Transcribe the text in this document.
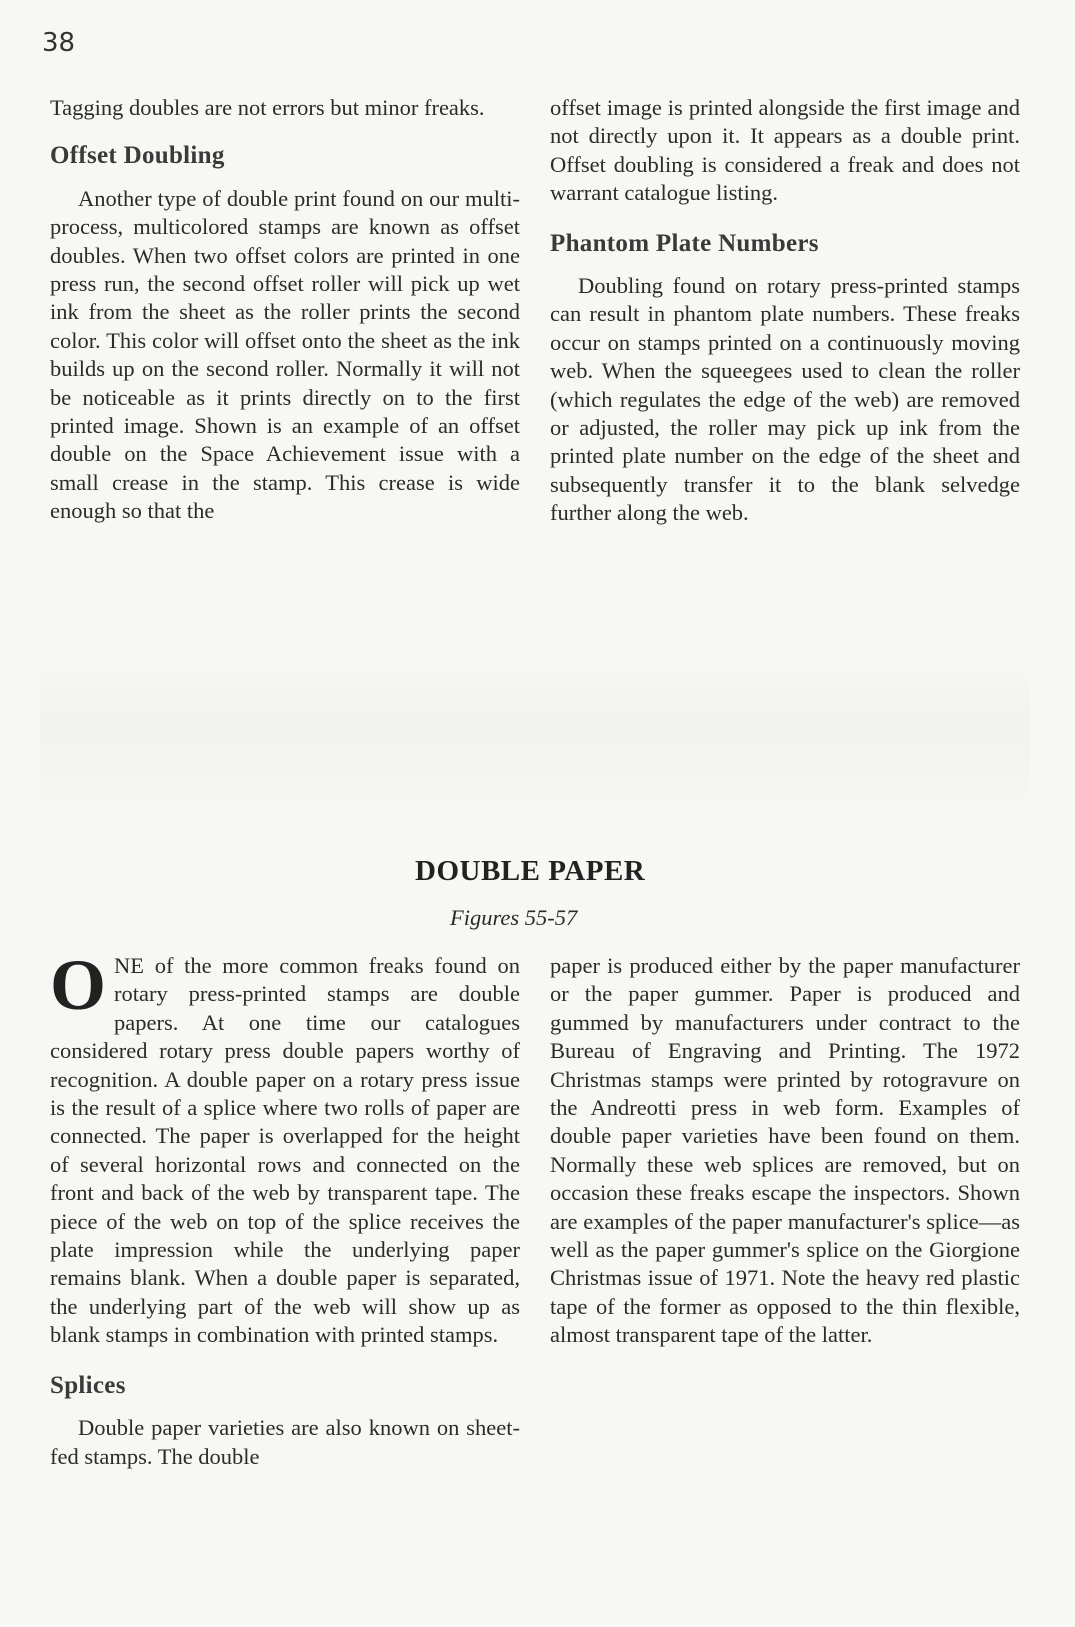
38

Tagging doubles are not errors but minor freaks.

Offset Doubling

Another type of double print found on our multi-process, multicolored stamps are known as offset doubles. When two offset colors are printed in one press run, the second offset roller will pick up wet ink from the sheet as the roller prints the second color. This color will offset onto the sheet as the ink builds up on the second roller. Normally it will not be noticeable as it prints directly on to the first printed image. Shown is an example of an offset double on the Space Achievement issue with a small crease in the stamp. This crease is wide enough so that the

offset image is printed alongside the first image and not directly upon it. It appears as a double print. Offset doubling is considered a freak and does not warrant catalogue listing.

Phantom Plate Numbers

Doubling found on rotary press-printed stamps can result in phantom plate numbers. These freaks occur on stamps printed on a continuously moving web. When the squeegees used to clean the roller (which regulates the edge of the web) are removed or adjusted, the roller may pick up ink from the printed plate number on the edge of the sheet and subsequently transfer it to the blank selvedge further along the web.

DOUBLE PAPER
Figures 55-57

ONE of the more common freaks found on rotary press-printed stamps are double papers. At one time our catalogues considered rotary press double papers worthy of recognition. A double paper on a rotary press issue is the result of a splice where two rolls of paper are connected. The paper is overlapped for the height of several horizontal rows and connected on the front and back of the web by transparent tape. The piece of the web on top of the splice receives the plate impression while the underlying paper remains blank. When a double paper is separated, the underlying part of the web will show up as blank stamps in combination with printed stamps.

Splices

Double paper varieties are also known on sheet-fed stamps. The double

paper is produced either by the paper manufacturer or the paper gummer. Paper is produced and gummed by manufacturers under contract to the Bureau of Engraving and Printing. The 1972 Christmas stamps were printed by rotogravure on the Andreotti press in web form. Examples of double paper varieties have been found on them. Normally these web splices are removed, but on occasion these freaks escape the inspectors. Shown are examples of the paper manufacturer's splice—as well as the paper gummer's splice on the Giorgione Christmas issue of 1971. Note the heavy red plastic tape of the former as opposed to the thin flexible, almost transparent tape of the latter.
